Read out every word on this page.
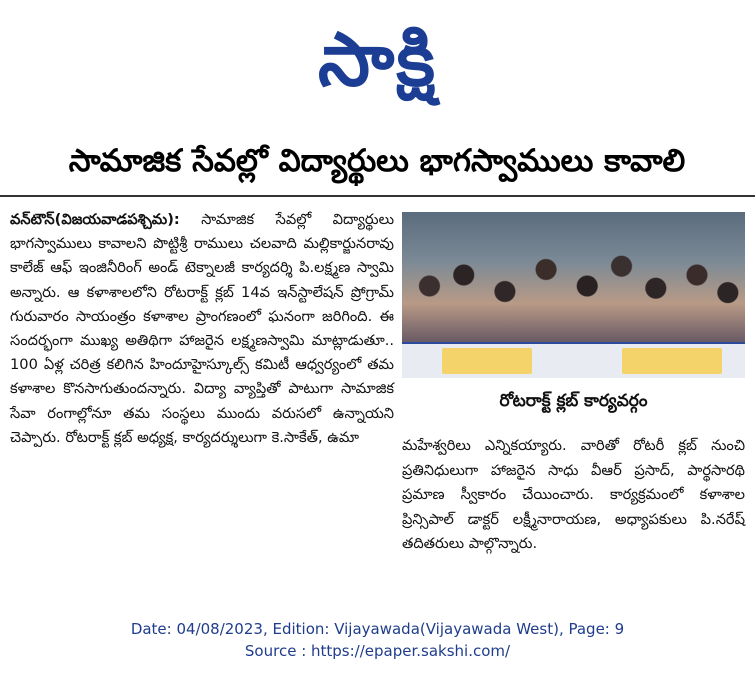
సాక్షి
సామాజిక సేవల్లో విద్యార్థులు భాగస్వాములు కావాలి
వన్‌టౌన్‌(విజయవాడపశ్చిమ): సామాజిక సేవల్లో విద్యార్థులు భాగస్వాములు కావాలని పొట్టిశ్రీ రాములు చలవాది మల్లికార్జునరావు కాలేజ్ ఆఫ్ ఇంజినీరింగ్ అండ్ టెక్నాలజీ కార్యదర్శి పి.లక్ష్మణ స్వామి అన్నారు. ఆ కళాశాలలోని రోటరాక్ట్ క్లబ్ 14వ ఇన్‌స్టాలేషన్ ప్రోగ్రామ్ గురువారం సాయంత్రం కళాశాల ప్రాంగణంలో ఘనంగా జరిగింది. ఈ సందర్భంగా ముఖ్య అతిథిగా హాజరైన లక్ష్మణస్వామి మాట్లాడుతూ.. 100 ఏళ్ల చరిత్ర కలిగిన హిందూహైస్కూల్స్ కమిటీ ఆధ్వర్యంలో తమ కళాశాల కొనసాగుతుందన్నారు. విద్యా వ్యాప్తితో పాటుగా సామాజిక సేవా రంగాల్లోనూ తమ సంస్థలు ముందు వరుసలో ఉన్నాయని చెప్పారు. రోటరాక్ట్ క్లబ్ అధ్యక్ష, కార్యదర్శులుగా కె.సాకేత్, ఉమా
రోటరాక్ట్ క్లబ్ కార్యవర్గం
మహేశ్వరిలు ఎన్నికయ్యారు. వారితో రోటరీ క్లబ్ నుంచి ప్రతినిధులుగా హాజరైన సాధు వీఆర్ ప్రసాద్, పార్థసారథి ప్రమాణ స్వీకారం చేయించారు. కార్యక్రమంలో కళాశాల ప్రిన్సిపాల్ డాక్టర్ లక్ష్మీనారాయణ, అధ్యాపకులు పి.నరేష్ తదితరులు పాల్గొన్నారు.
Date: 04/08/2023, Edition: Vijayawada(Vijayawada West), Page: 9
Source : https://epaper.sakshi.com/
